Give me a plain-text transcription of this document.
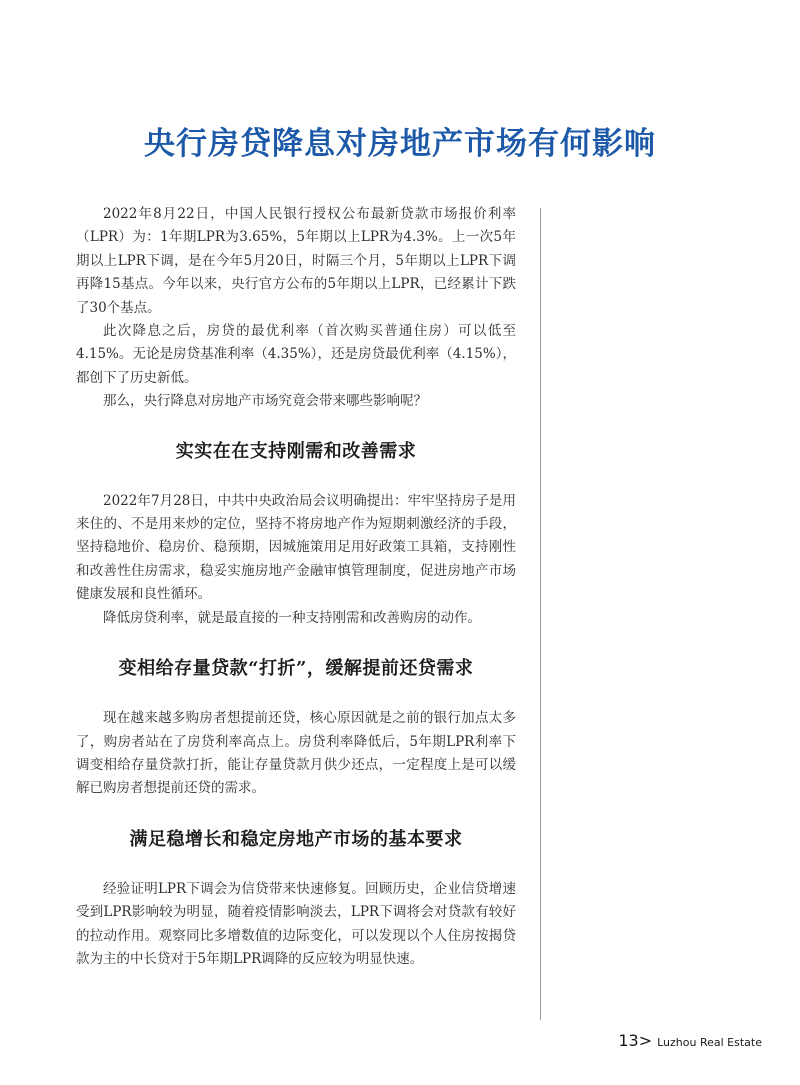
央行房贷降息对房地产市场有何影响

2022年8月22日，中国人民银行授权公布最新贷款市场报价利率（LPR）为：1年期LPR为3.65%，5年期以上LPR为4.3%。上一次5年期以上LPR下调，是在今年5月20日，时隔三个月，5年期以上LPR下调再降15基点。今年以来，央行官方公布的5年期以上LPR，已经累计下跌了30个基点。

此次降息之后，房贷的最优利率（首次购买普通住房）可以低至4.15%。无论是房贷基准利率（4.35%），还是房贷最优利率（4.15%），都创下了历史新低。

那么，央行降息对房地产市场究竟会带来哪些影响呢？

实实在在支持刚需和改善需求

2022年7月28日，中共中央政治局会议明确提出：牢牢坚持房子是用来住的、不是用来炒的定位，坚持不将房地产作为短期刺激经济的手段，坚持稳地价、稳房价、稳预期，因城施策用足用好政策工具箱，支持刚性和改善性住房需求，稳妥实施房地产金融审慎管理制度，促进房地产市场健康发展和良性循环。

降低房贷利率，就是最直接的一种支持刚需和改善购房的动作。

变相给存量贷款“打折”，缓解提前还贷需求

现在越来越多购房者想提前还贷，核心原因就是之前的银行加点太多了，购房者站在了房贷利率高点上。房贷利率降低后，5年期LPR利率下调变相给存量贷款打折，能让存量贷款月供少还点，一定程度上是可以缓解已购房者想提前还贷的需求。

满足稳增长和稳定房地产市场的基本要求

经验证明LPR下调会为信贷带来快速修复。回顾历史，企业信贷增速受到LPR影响较为明显，随着疫情影响淡去，LPR下调将会对贷款有较好的拉动作用。观察同比多增数值的边际变化，可以发现以个人住房按揭贷款为主的中长贷对于5年期LPR调降的反应较为明显快速。

13> Luzhou Real Estate
